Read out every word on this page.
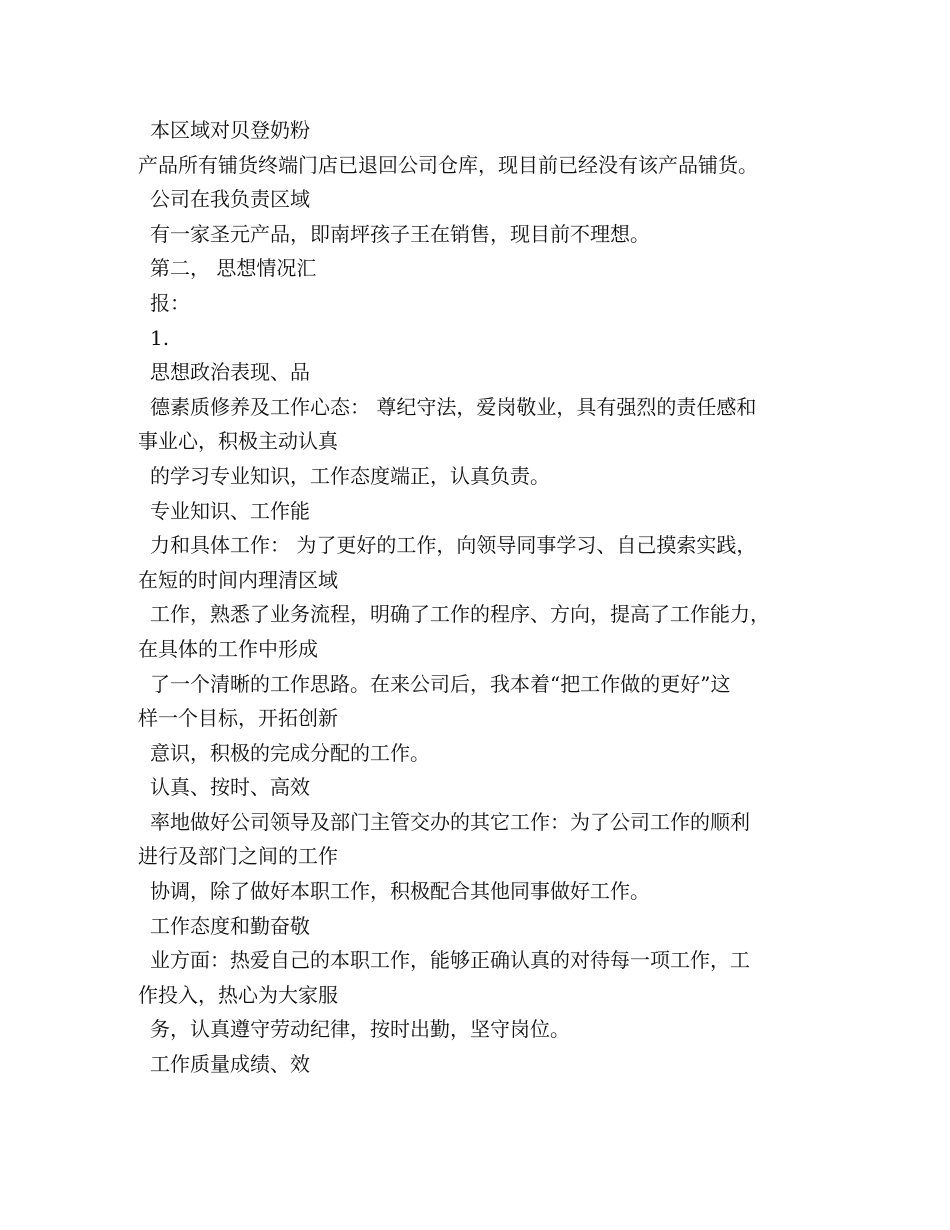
本区域对贝登奶粉
产品所有铺货终端门店已退回公司仓库，现目前已经没有该产品铺货。
公司在我负责区域
有一家圣元产品，即南坪孩子王在销售，现目前不理想。
第二， 思想情况汇
报：
1.
思想政治表现、品
德素质修养及工作心态： 尊纪守法，爱岗敬业，具有强烈的责任感和
事业心，积极主动认真
的学习专业知识，工作态度端正，认真负责。
专业知识、工作能
力和具体工作： 为了更好的工作，向领导同事学习、自己摸索实践，
在短的时间内理清区域
工作，熟悉了业务流程，明确了工作的程序、方向，提高了工作能力，
在具体的工作中形成
了一个清晰的工作思路。在来公司后，我本着“把工作做的更好”这
样一个目标，开拓创新
意识，积极的完成分配的工作。
认真、按时、高效
率地做好公司领导及部门主管交办的其它工作：为了公司工作的顺利
进行及部门之间的工作
协调，除了做好本职工作，积极配合其他同事做好工作。
工作态度和勤奋敬
业方面：热爱自己的本职工作，能够正确认真的对待每一项工作，工
作投入，热心为大家服
务，认真遵守劳动纪律，按时出勤，坚守岗位。
工作质量成绩、效
